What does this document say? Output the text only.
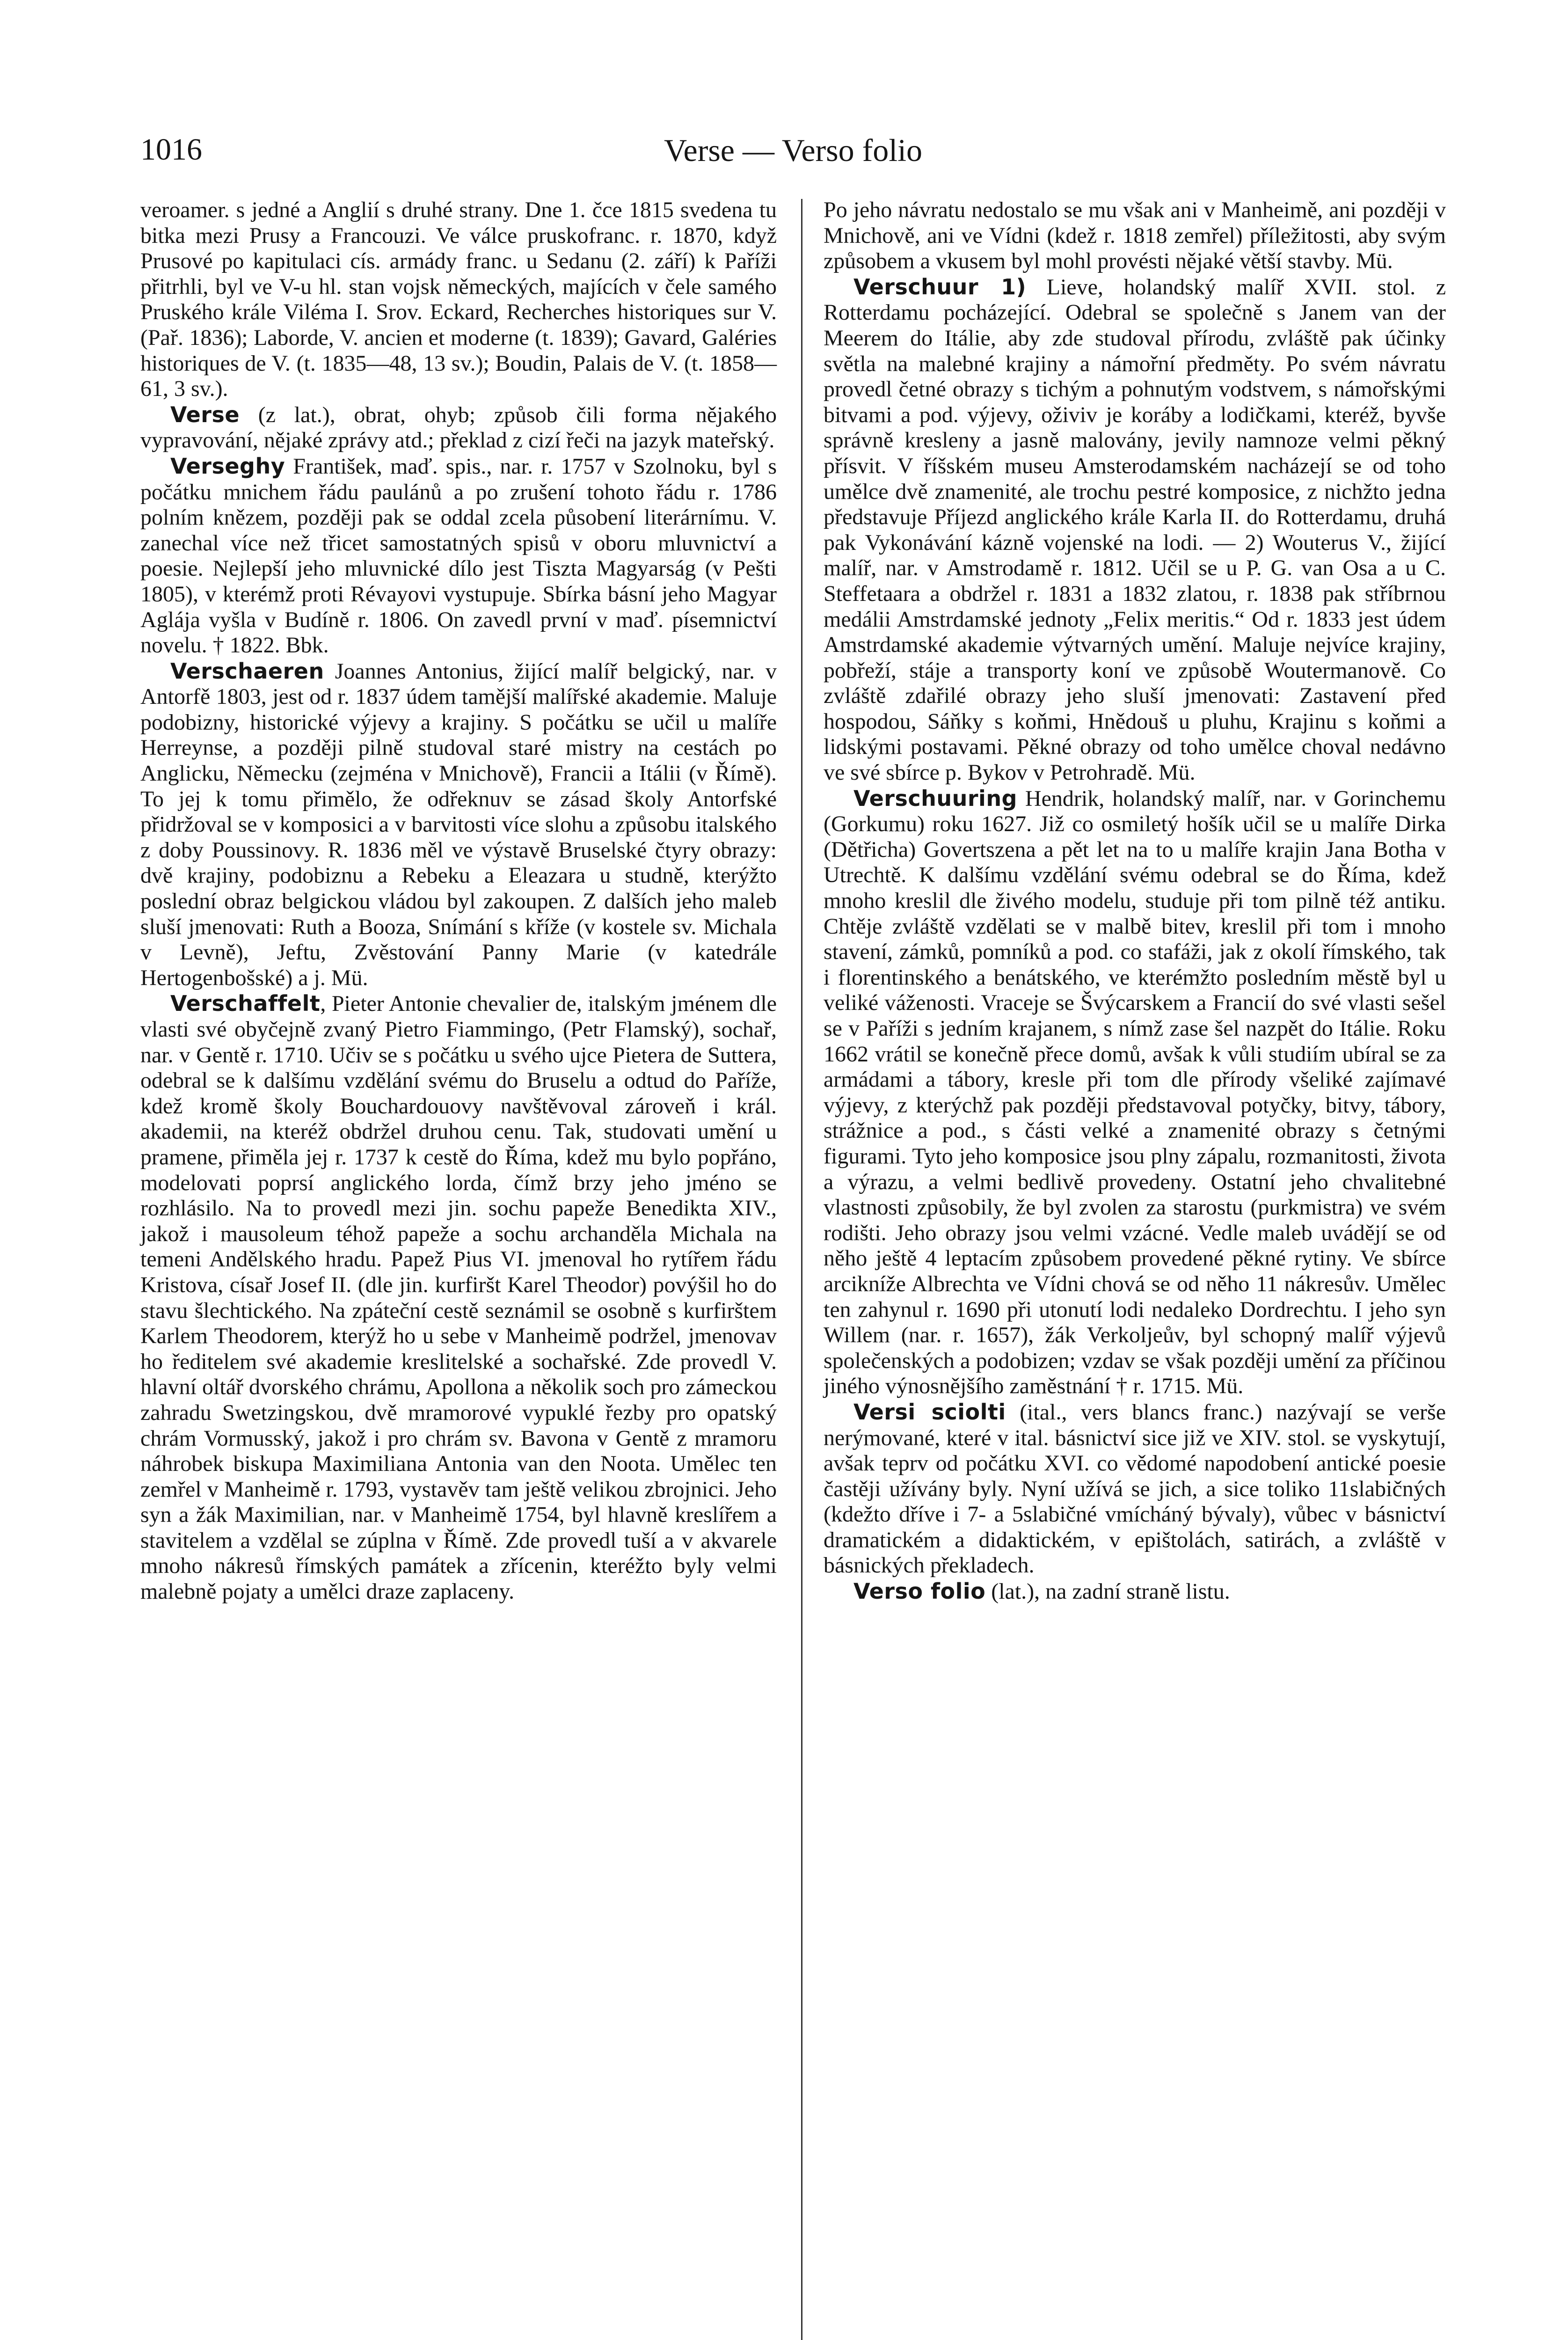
1016	Verse — Verso folio

veroamer. s jedné a Anglií s druhé strany. Dne 1. čce 1815 svedena tu bitka mezi Prusy a Francouzi. Ve válce pruskofranc. r. 1870, když Prusové po kapitulaci cís. armády franc. u Sedanu (2. září) k Paříži přitrhli, byl ve V-u hl. stan vojsk německých, majících v čele samého Pruského krále Viléma I. Srov. Eckard, Recherches historiques sur V. (Pař. 1836); Laborde, V. ancien et moderne (t. 1839); Gavard, Galéries historiques de V. (t. 1835—48, 13 sv.); Boudin, Palais de V. (t. 1858—61, 3 sv.).

Verse (z lat.), obrat, ohyb; způsob čili forma nějakého vypravování, nějaké zprávy atd.; překlad z cizí řeči na jazyk mateřský.

Verseghy František, maď. spis., nar. r. 1757 v Szolnoku, byl s počátku mnichem řádu paulánů a po zrušení tohoto řádu r. 1786 polním knězem, později pak se oddal zcela působení literárnímu. V. zanechal více než třicet samostatných spisů v oboru mluvnictví a poesie. Nejlepší jeho mluvnické dílo jest Tiszta Magyarság (v Pešti 1805), v kterémž proti Révayovi vystupuje. Sbírka básní jeho Magyar Aglája vyšla v Budíně r. 1806. On zavedl první v maď. písemnictví novelu. † 1822. Bbk.

Verschaeren Joannes Antonius, žijící malíř belgický, nar. v Antorfě 1803, jest od r. 1837 údem tamější malířské akademie. Maluje podobizny, historické výjevy a krajiny. S počátku se učil u malíře Herreynse, a později pilně studoval staré mistry na cestách po Anglicku, Německu (zejména v Mnichově), Francii a Itálii (v Římě). To jej k tomu přimělo, že odřeknuv se zásad školy Antorfské přidržoval se v komposici a v barvitosti více slohu a způsobu italského z doby Poussinovy. R. 1836 měl ve výstavě Bruselské čtyry obrazy: dvě krajiny, podobiznu a Rebeku a Eleazara u studně, kterýžto poslední obraz belgickou vládou byl zakoupen. Z dalších jeho maleb sluší jmenovati: Ruth a Booza, Snímání s kříže (v kostele sv. Michala v Levně), Jeftu, Zvěstování Panny Marie (v katedrále Hertogenbošské) a j. Mü.

Verschaffelt, Pieter Antonie chevalier de, italským jménem dle vlasti své obyčejně zvaný Pietro Fiammingo, (Petr Flamský), sochař, nar. v Gentě r. 1710. Učiv se s počátku u svého ujce Pietera de Suttera, odebral se k dalšímu vzdělání svému do Bruselu a odtud do Paříže, kdež kromě školy Bouchardouovy navštěvoval zároveň i král. akademii, na kteréž obdržel druhou cenu. Tak, studovati umění u pramene, přiměla jej r. 1737 k cestě do Říma, kdež mu bylo popřáno, modelovati poprsí anglického lorda, čímž brzy jeho jméno se rozhlásilo. Na to provedl mezi jin. sochu papeže Benedikta XIV., jakož i mausoleum téhož papeže a sochu archanděla Michala na temeni Andělského hradu. Papež Pius VI. jmenoval ho rytířem řádu Kristova, císař Josef II. (dle jin. kurfiršt Karel Theodor) povýšil ho do stavu šlechtického. Na zpáteční cestě seznámil se osobně s kurfirštem Karlem Theodorem, kterýž ho u sebe v Manheimě podržel, jmenovav ho ředitelem své akademie kreslitelské a sochařské. Zde provedl V. hlavní oltář dvorského chrámu, Apollona a několik soch pro zámeckou zahradu Swetzingskou, dvě mramorové vypuklé řezby pro opatský chrám Vormusský, jakož i pro chrám sv. Bavona v Gentě z mramoru náhrobek biskupa Maximiliana Antonia van den Noota. Umělec ten zemřel v Manheimě r. 1793, vystavěv tam ještě velikou zbrojnici. Jeho syn a žák Maximilian, nar. v Manheimě 1754, byl hlavně kreslířem a stavitelem a vzdělal se zúplna v Římě. Zde provedl tuší a v akvarele mnoho nákresů římských památek a zřícenin, kteréžto byly velmi malebně pojaty a umělci draze zaplaceny.

Po jeho návratu nedostalo se mu však ani v Manheimě, ani později v Mnichově, ani ve Vídni (kdež r. 1818 zemřel) příležitosti, aby svým způsobem a vkusem byl mohl provésti nějaké větší stavby. Mü.

Verschuur 1) Lieve, holandský malíř XVII. stol. z Rotterdamu pocházející. Odebral se společně s Janem van der Meerem do Itálie, aby zde studoval přírodu, zvláště pak účinky světla na malebné krajiny a námořní předměty. Po svém návratu provedl četné obrazy s tichým a pohnutým vodstvem, s námořskými bitvami a pod. výjevy, oživiv je koráby a lodičkami, kteréž, byvše správně kresleny a jasně malovány, jevily namnoze velmi pěkný přísvit. V říšském museu Amsterodamském nacházejí se od toho umělce dvě znamenité, ale trochu pestré komposice, z nichžto jedna představuje Příjezd anglického krále Karla II. do Rotterdamu, druhá pak Vykonávání kázně vojenské na lodi. — 2) Wouterus V., žijící malíř, nar. v Amstrodamě r. 1812. Učil se u P. G. van Osa a u C. Steffetaara a obdržel r. 1831 a 1832 zlatou, r. 1838 pak stříbrnou medálii Amstrdamské jednoty „Felix meritis.“ Od r. 1833 jest údem Amstrdamské akademie výtvarných umění. Maluje nejvíce krajiny, pobřeží, stáje a transporty koní ve způsobě Woutermanově. Co zvláště zdařilé obrazy jeho sluší jmenovati: Zastavení před hospodou, Sáňky s koňmi, Hnědouš u pluhu, Krajinu s koňmi a lidskými postavami. Pěkné obrazy od toho umělce choval nedávno ve své sbírce p. Bykov v Petrohradě. Mü.

Verschuuring Hendrik, holandský malíř, nar. v Gorinchemu (Gorkumu) roku 1627. Již co osmiletý hošík učil se u malíře Dirka (Dětřicha) Govertszena a pět let na to u malíře krajin Jana Botha v Utrechtě. K dalšímu vzdělání svému odebral se do Říma, kdež mnoho kreslil dle živého modelu, studuje při tom pilně též antiku. Chtěje zvláště vzdělati se v malbě bitev, kreslil při tom i mnoho stavení, zámků, pomníků a pod. co stafáži, jak z okolí římského, tak i florentinského a benátského, ve kterémžto posledním městě byl u veliké váženosti. Vraceje se Švýcarskem a Francií do své vlasti sešel se v Paříži s jedním krajanem, s nímž zase šel nazpět do Itálie. Roku 1662 vrátil se konečně přece domů, avšak k vůli studiím ubíral se za armádami a tábory, kresle při tom dle přírody všeliké zajímavé výjevy, z kterýchž pak později představoval potyčky, bitvy, tábory, strážnice a pod., s části velké a znamenité obrazy s četnými figurami. Tyto jeho komposice jsou plny zápalu, rozmanitosti, života a výrazu, a velmi bedlivě provedeny. Ostatní jeho chvalitebné vlastnosti způsobily, že byl zvolen za starostu (purkmistra) ve svém rodišti. Jeho obrazy jsou velmi vzácné. Vedle maleb uvádějí se od něho ještě 4 leptacím způsobem provedené pěkné rytiny. Ve sbírce arcikníže Albrechta ve Vídni chová se od něho 11 nákresův. Umělec ten zahynul r. 1690 při utonutí lodi nedaleko Dordrechtu. I jeho syn Willem (nar. r. 1657), žák Verkoljeův, byl schopný malíř výjevů společenských a podobizen; vzdav se však později umění za příčinou jiného výnosnějšího zaměstnání † r. 1715. Mü.

Versi sciolti (ital., vers blancs franc.) nazývají se verše nerýmované, které v ital. básnictví sice již ve XIV. stol. se vyskytují, avšak teprv od počátku XVI. co vědomé napodobení antické poesie častěji užívány byly. Nyní užívá se jich, a sice toliko 11slabičných (kdežto dříve i 7- a 5slabičné vmícháný bývaly), vůbec v básnictví dramatickém a didaktickém, v epištolách, satirách, a zvláště v básnických překladech.

Verso folio (lat.), na zadní straně listu.
